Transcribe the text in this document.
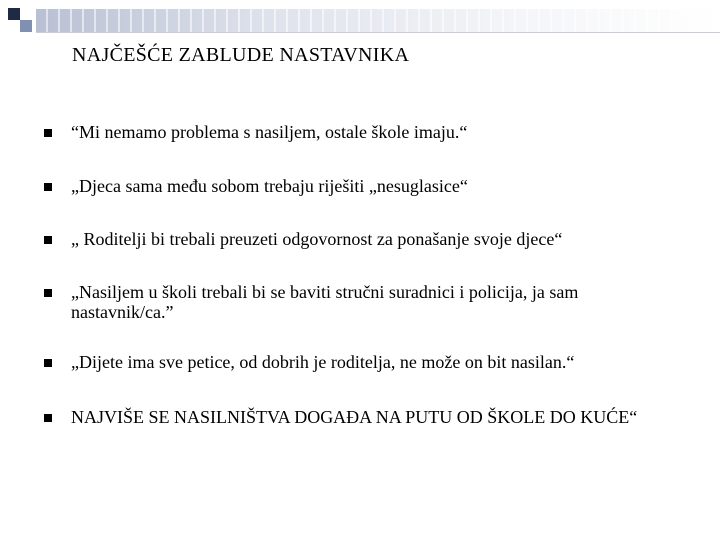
NAJČEŠĆE ZABLUDE NASTAVNIKA
“Mi nemamo problema s nasiljem, ostale škole imaju.“
„Djeca sama među sobom trebaju riješiti „nesuglasice“
„ Roditelji bi trebali preuzeti odgovornost za ponašanje svoje djece“
„Nasiljem u školi trebali bi se baviti stručni suradnici i policija, ja sam nastavnik/ca.”
„Dijete ima sve petice, od dobrih je roditelja, ne može on bit nasilan.“
NAJVIŠE SE NASILNIŠTVA DOGAĐA NA PUTU OD ŠKOLE DO KUĆE“
